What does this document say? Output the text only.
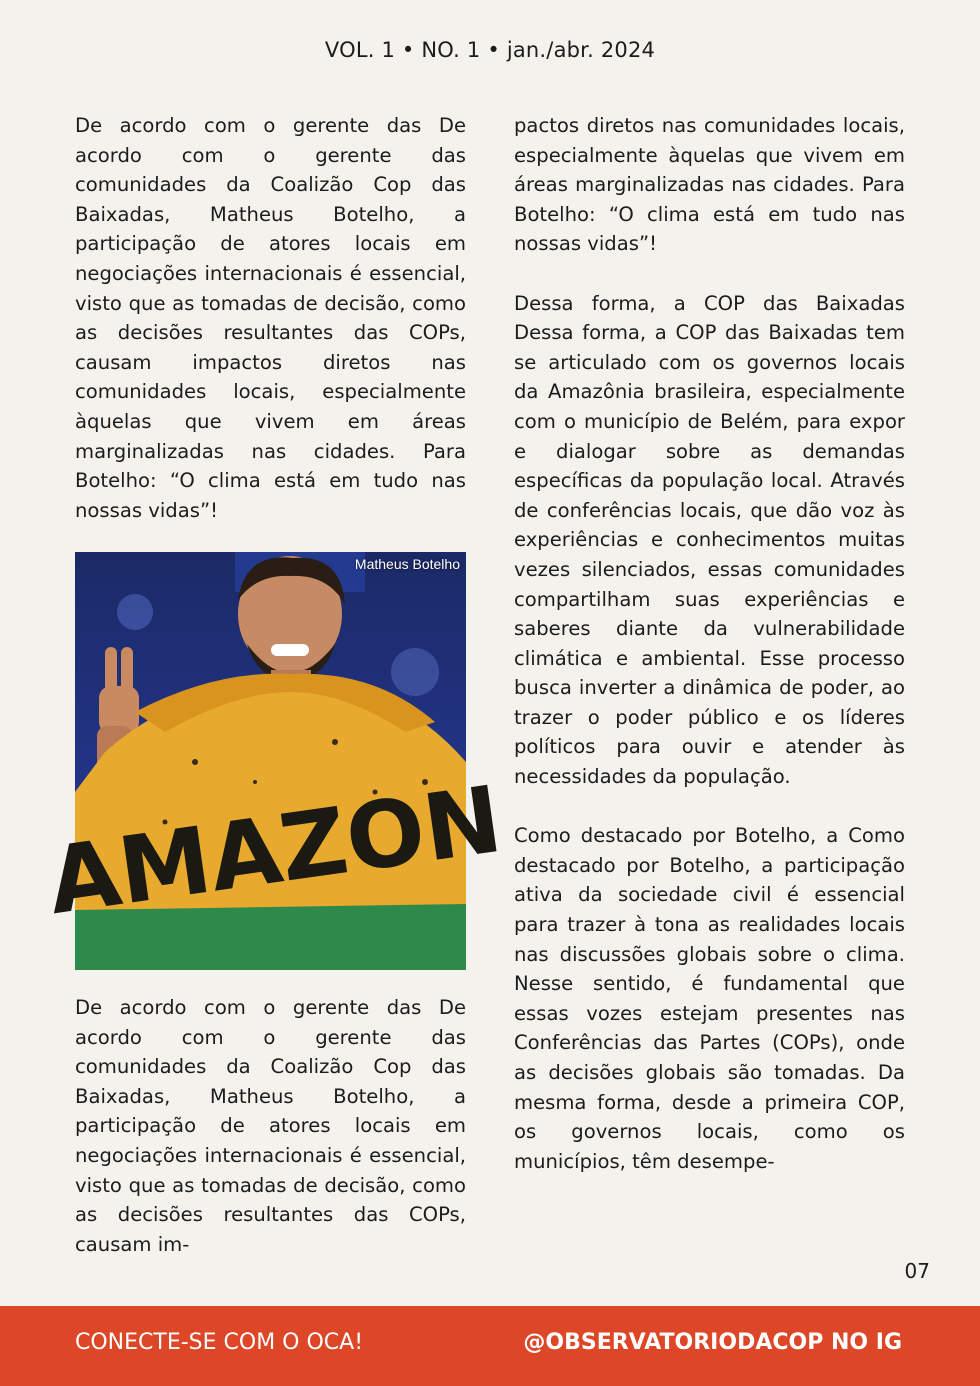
VOL. 1 • NO. 1 • jan./abr. 2024

De acordo com o gerente das De acordo com o gerente das comunidades da Coalizão Cop das Baixadas, Matheus Botelho, a participação de atores locais em negociações internacionais é essencial, visto que as tomadas de decisão, como as decisões resultantes das COPs, causam impactos diretos nas comunidades locais, especialmente àquelas que vivem em áreas marginalizadas nas cidades. Para Botelho: “O clima está em tudo nas nossas vidas”!

Matheus Botelho
AMAZON

De acordo com o gerente das De acordo com o gerente das comunidades da Coalizão Cop das Baixadas, Matheus Botelho, a participação de atores locais em negociações internacionais é essencial, visto que as tomadas de decisão, como as decisões resultantes das COPs, causam im-

pactos diretos nas comunidades locais, especialmente àquelas que vivem em áreas marginalizadas nas cidades. Para Botelho: “O clima está em tudo nas nossas vidas”!

Dessa forma, a COP das Baixadas Dessa forma, a COP das Baixadas tem se articulado com os governos locais da Amazônia brasileira, especialmente com o município de Belém, para expor e dialogar sobre as demandas específicas da população local. Através de conferências locais, que dão voz às experiências e conhecimentos muitas vezes silenciados, essas comunidades compartilham suas experiências e saberes diante da vulnerabilidade climática e ambiental. Esse processo busca inverter a dinâmica de poder, ao trazer o poder público e os líderes políticos para ouvir e atender às necessidades da população.

Como destacado por Botelho, a Como destacado por Botelho, a participação ativa da sociedade civil é essencial para trazer à tona as realidades locais nas discussões globais sobre o clima. Nesse sentido, é fundamental que essas vozes estejam presentes nas Conferências das Partes (COPs), onde as decisões globais são tomadas. Da mesma forma, desde a primeira COP, os governos locais, como os municípios, têm desempe-

07
CONECTE-SE COM O OCA!	@OBSERVATORIODACOP NO IG
